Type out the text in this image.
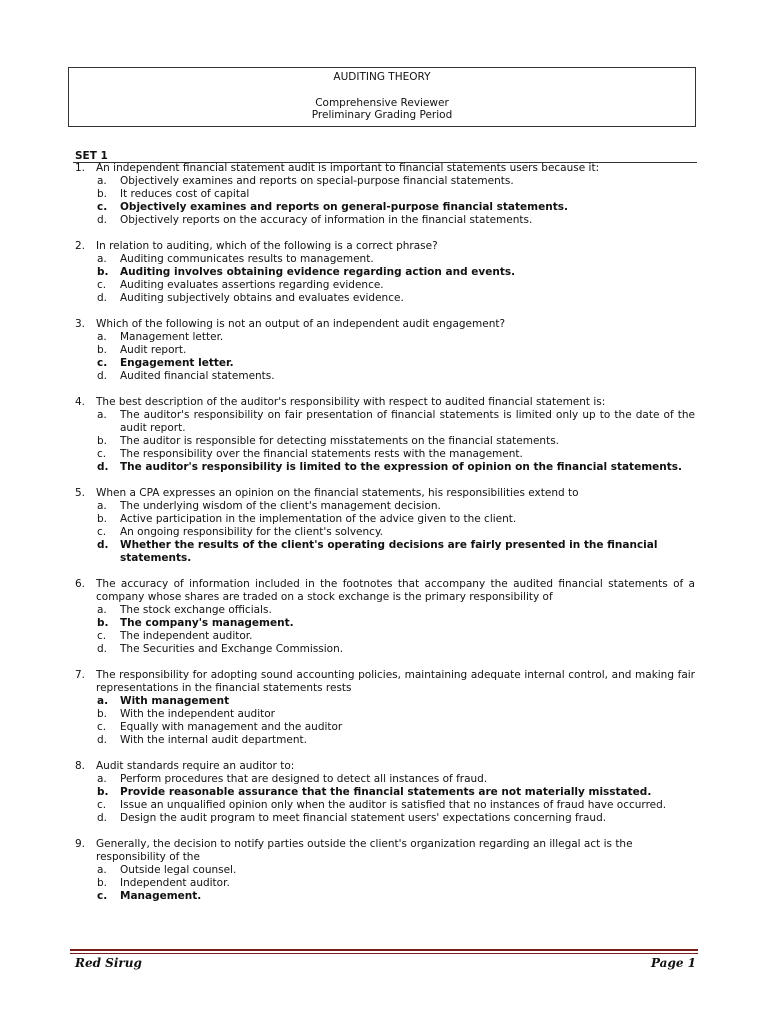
AUDITING THEORY
Comprehensive Reviewer
Preliminary Grading Period
SET 1
1.	An independent financial statement audit is important to financial statements users because it:
a.	Objectively examines and reports on special-purpose financial statements.
b.	It reduces cost of capital
c.	Objectively examines and reports on general-purpose financial statements.
d.	Objectively reports on the accuracy of information in the financial statements.
2.	In relation to auditing, which of the following is a correct phrase?
a.	Auditing communicates results to management.
b.	Auditing involves obtaining evidence regarding action and events.
c.	Auditing evaluates assertions regarding evidence.
d.	Auditing subjectively obtains and evaluates evidence.
3.	Which of the following is not an output of an independent audit engagement?
a.	Management letter.
b.	Audit report.
c.	Engagement letter.
d.	Audited financial statements.
4.	The best description of the auditor's responsibility with respect to audited financial statement is:
a.	The auditor's responsibility on fair presentation of financial statements is limited only up to the date of the audit report.
b.	The auditor is responsible for detecting misstatements on the financial statements.
c.	The responsibility over the financial statements rests with the management.
d.	The auditor's responsibility is limited to the expression of opinion on the financial statements.
5.	When a CPA expresses an opinion on the financial statements, his responsibilities extend to
a.	The underlying wisdom of the client's management decision.
b.	Active participation in the implementation of the advice given to the client.
c.	An ongoing responsibility for the client's solvency.
d.	Whether the results of the client's operating decisions are fairly presented in the financial statements.
6.	The accuracy of information included in the footnotes that accompany the audited financial statements of a company whose shares are traded on a stock exchange is the primary responsibility of
a.	The stock exchange officials.
b.	The company's management.
c.	The independent auditor.
d.	The Securities and Exchange Commission.
7.	The responsibility for adopting sound accounting policies, maintaining adequate internal control, and making fair representations in the financial statements rests
a.	With management
b.	With the independent auditor
c.	Equally with management and the auditor
d.	With the internal audit department.
8.	Audit standards require an auditor to:
a.	Perform procedures that are designed to detect all instances of fraud.
b.	Provide reasonable assurance that the financial statements are not materially misstated.
c.	Issue an unqualified opinion only when the auditor is satisfied that no instances of fraud have occurred.
d.	Design the audit program to meet financial statement users' expectations concerning fraud.
9.	Generally, the decision to notify parties outside the client's organization regarding an illegal act is the responsibility of the
a.	Outside legal counsel.
b.	Independent auditor.
c.	Management.
Red Sirug	Page 1
